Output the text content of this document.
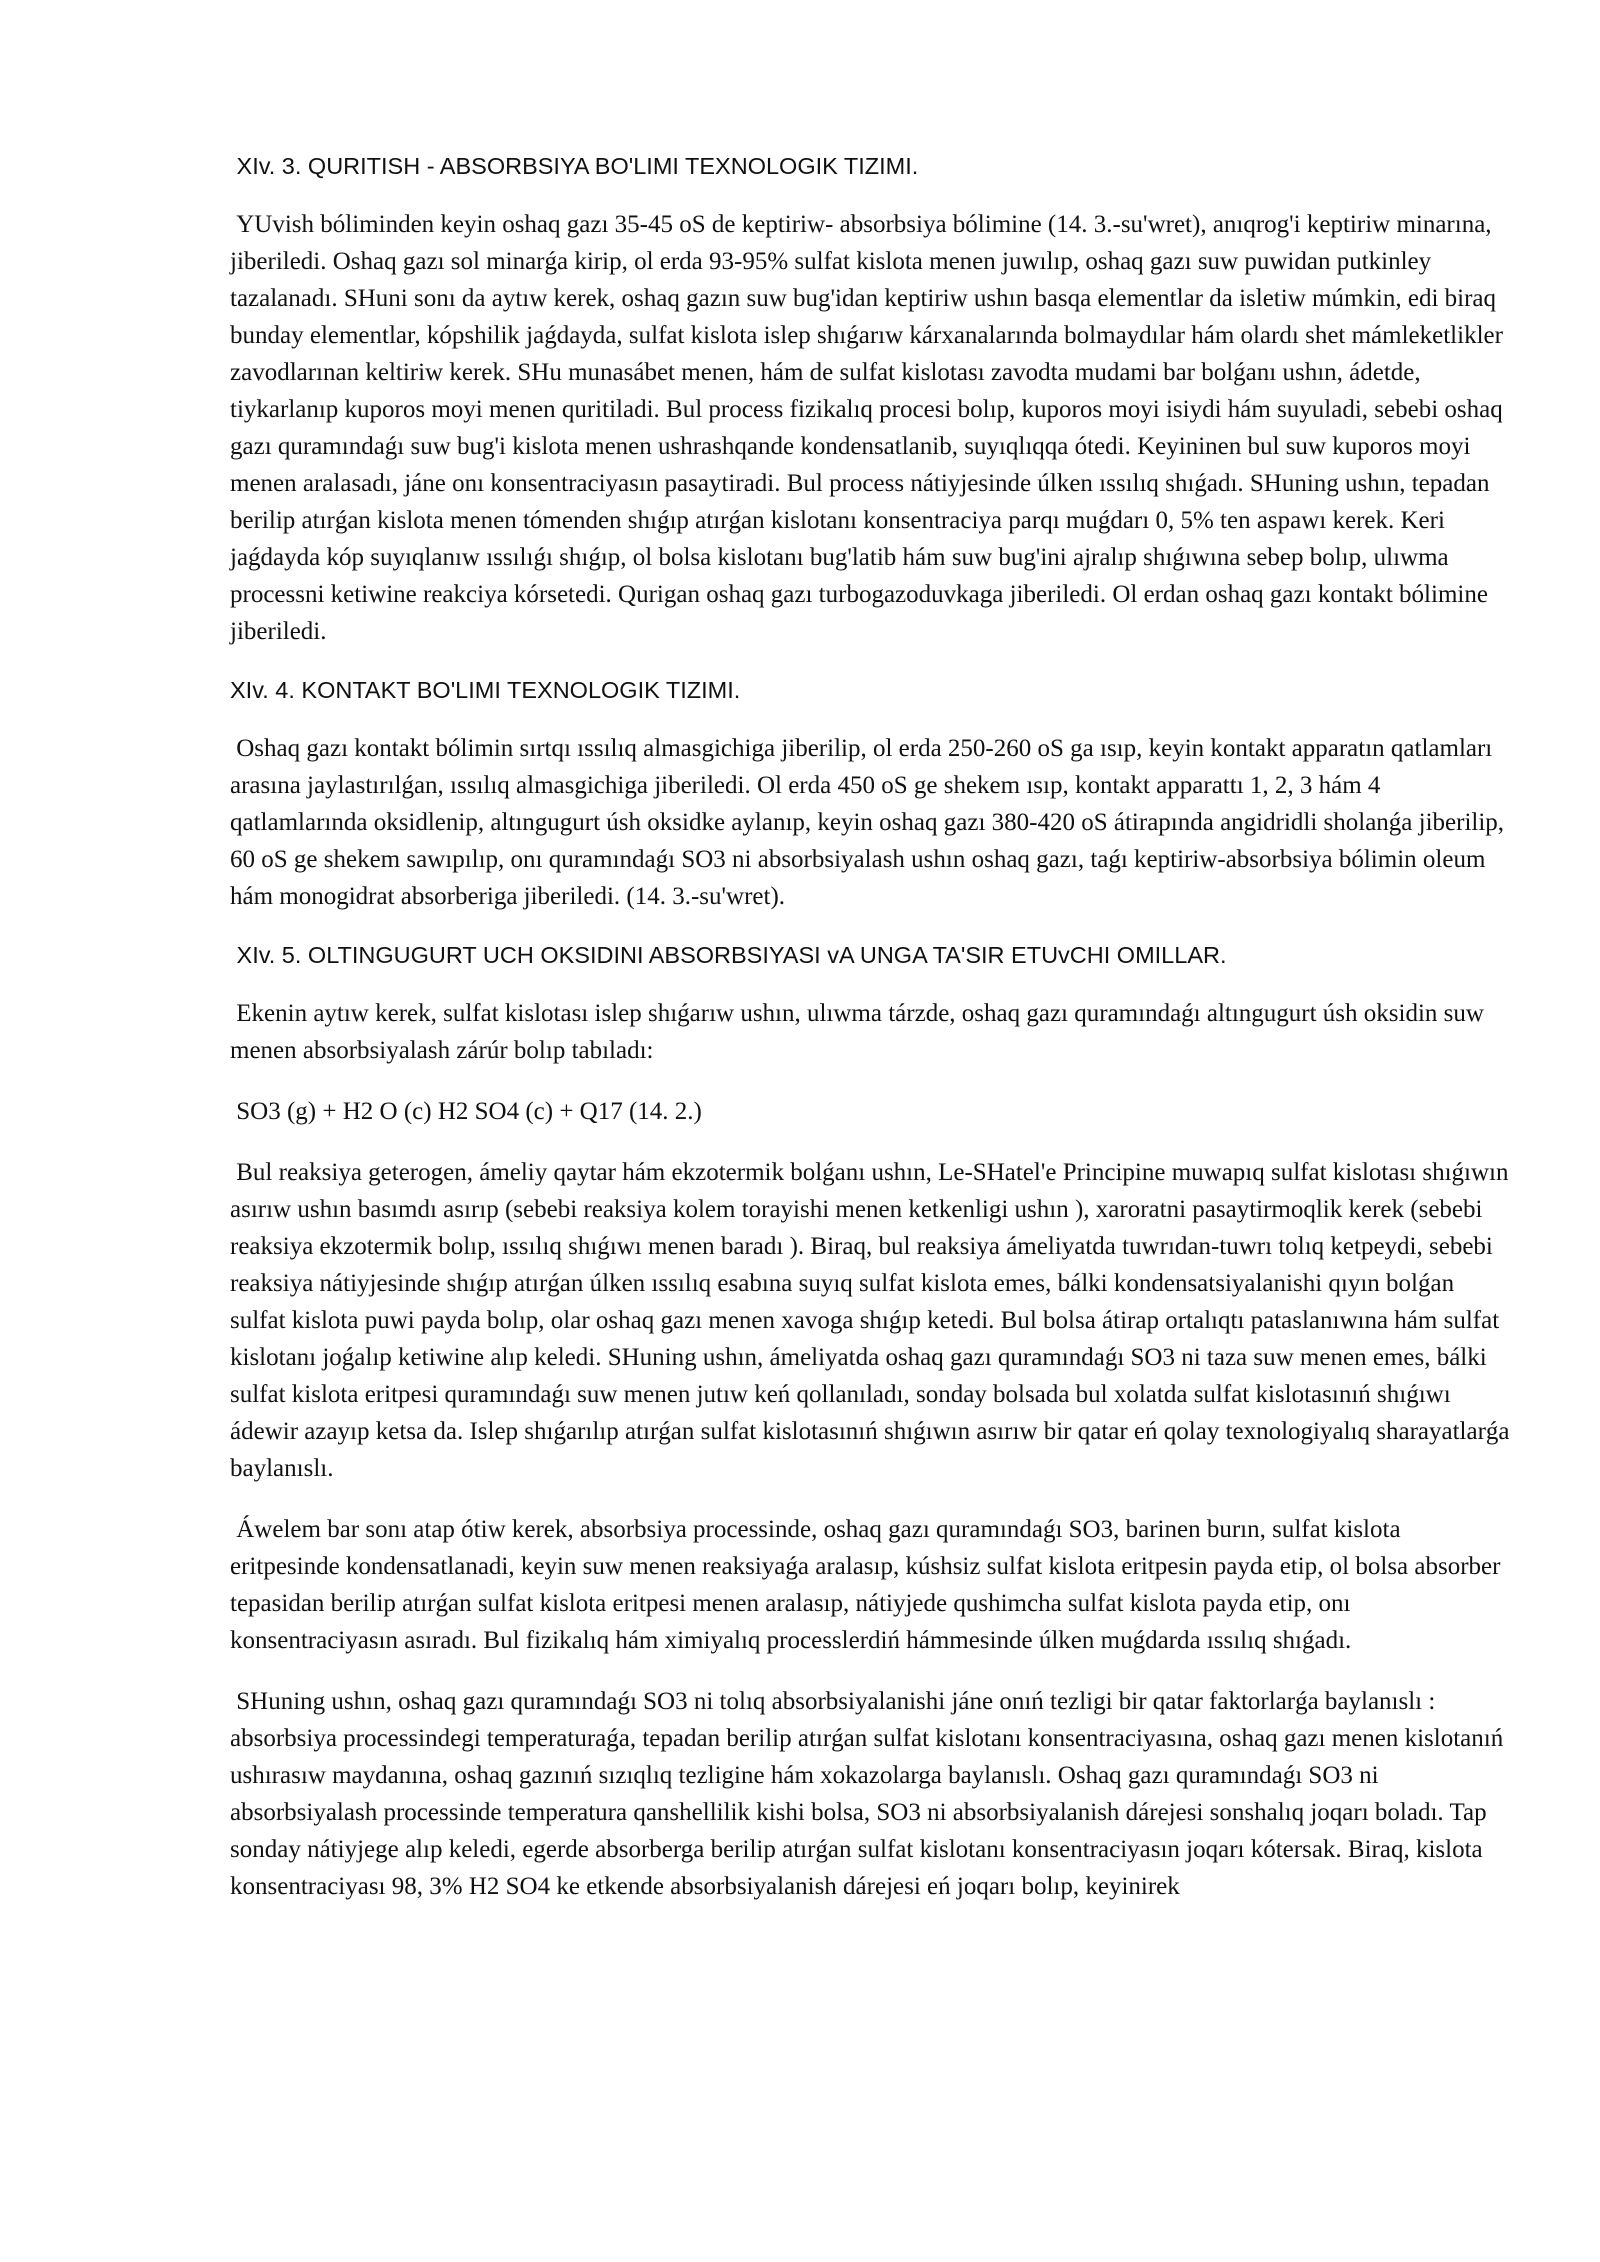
XIv. 3. QURITISH - ABSORBSIYA BO'LIMI TEXNOLOGIK TIZIMI.
YUvish bóliminden keyin oshaq gazı 35-45 oS de keptiriw- absorbsiya bólimine (14. 3.-su'wret), anıqrog'i keptiriw minarına, jiberiledi. Oshaq gazı sol minarǵa kirip, ol erda 93-95% sulfat kislota menen juwılıp, oshaq gazı suw puwidan putkinley tazalanadı. SHuni sonı da aytıw kerek, oshaq gazın suw bug'idan keptiriw ushın basqa elementlar da isletiw múmkin, edi biraq bunday elementlar, kópshilik jaǵdayda, sulfat kislota islep shıǵarıw kárxanalarında bolmaydılar hám olardı shet mámleketlikler zavodlarınan keltiriw kerek. SHu munasábet menen, hám de sulfat kislotası zavodta mudami bar bolǵanı ushın, ádetde, tiykarlanıp kuporos moyi menen quritiladi. Bul process fizikalıq procesi bolıp, kuporos moyi isiydi hám suyuladi, sebebi oshaq gazı quramındaǵı suw bug'i kislota menen ushrashqande kondensatlanib, suyıqlıqqa ótedi. Keyininen bul suw kuporos moyi menen aralasadı, jáne onı konsentraciyasın pasaytiradi. Bul process nátiyjesinde úlken ıssılıq shıǵadı. SHuning ushın, tepadan berilip atırǵan kislota menen tómenden shıǵıp atırǵan kislotanı konsentraciya parqı muǵdarı 0, 5% ten aspawı kerek. Keri jaǵdayda kóp suyıqlanıw ıssılıǵı shıǵıp, ol bolsa kislotanı bug'latib hám suw bug'ini ajralıp shıǵıwına sebep bolıp, ulıwma processni ketiwine reakciya kórsetedi. Qurigan oshaq gazı turbogazoduvkaga jiberiledi. Ol erdan oshaq gazı kontakt bólimine jiberiledi.
XIv. 4. KONTAKT BO'LIMI TEXNOLOGIK TIZIMI.
Oshaq gazı kontakt bólimin sırtqı ıssılıq almasgichiga jiberilip, ol erda 250-260 oS ga ısıp, keyin kontakt apparatın qatlamları arasına jaylastırılǵan, ıssılıq almasgichiga jiberiledi. Ol erda 450 oS ge shekem ısıp, kontakt apparattı 1, 2, 3 hám 4 qatlamlarında oksidlenip, altıngugurt úsh oksidke aylanıp, keyin oshaq gazı 380-420 oS átirapında angidridli sholanǵa jiberilip, 60 oS ge shekem sawıpılıp, onı quramındaǵı SO3 ni absorbsiyalash ushın oshaq gazı, taǵı keptiriw-absorbsiya bólimin oleum hám monogidrat absorberiga jiberiledi. (14. 3.-su'wret).
XIv. 5. OLTINGUGURT UCH OKSIDINI ABSORBSIYASI vA UNGA TA'SIR ETUvCHI OMILLAR.
Ekenin aytıw kerek, sulfat kislotası islep shıǵarıw ushın, ulıwma tárzde, oshaq gazı quramındaǵı altıngugurt úsh oksidin suw menen absorbsiyalash zárúr bolıp tabıladı:
SO3 (g) + H2 O (c) H2 SO4 (c) + Q17 (14. 2.)
Bul reaksiya geterogen, ámeliy qaytar hám ekzotermik bolǵanı ushın, Le-SHatel'e Principine muwapıq sulfat kislotası shıǵıwın asırıw ushın basımdı asırıp (sebebi reaksiya kolem torayishi menen ketkenligi ushın ), xaroratni pasaytirmoqlik kerek (sebebi reaksiya ekzotermik bolıp, ıssılıq shıǵıwı menen baradı ). Biraq, bul reaksiya ámeliyatda tuwrıdan-tuwrı tolıq ketpeydi, sebebi reaksiya nátiyjesinde shıǵıp atırǵan úlken ıssılıq esabına suyıq sulfat kislota emes, bálki kondensatsiyalanishi qıyın bolǵan sulfat kislota puwi payda bolıp, olar oshaq gazı menen xavoga shıǵıp ketedi. Bul bolsa átirap ortalıqtı pataslanıwına hám sulfat kislotanı joǵalıp ketiwine alıp keledi. SHuning ushın, ámeliyatda oshaq gazı quramındaǵı SO3 ni taza suw menen emes, bálki sulfat kislota eritpesi quramındaǵı suw menen jutıw keń qollanıladı, sonday bolsada bul xolatda sulfat kislotasınıń shıǵıwı ádewir azayıp ketsa da. Islep shıǵarılıp atırǵan sulfat kislotasınıń shıǵıwın asırıw bir qatar eń qolay texnologiyalıq sharayatlarǵa baylanıslı.
Áwelem bar sonı atap ótiw kerek, absorbsiya processinde, oshaq gazı quramındaǵı SO3, barinen burın, sulfat kislota eritpesinde kondensatlanadi, keyin suw menen reaksiyaǵa aralasıp, kúshsiz sulfat kislota eritpesin payda etip, ol bolsa absorber tepasidan berilip atırǵan sulfat kislota eritpesi menen aralasıp, nátiyjede qushimcha sulfat kislota payda etip, onı konsentraciyasın asıradı. Bul fizikalıq hám ximiyalıq processlerdiń hámmesinde úlken muǵdarda ıssılıq shıǵadı.
SHuning ushın, oshaq gazı quramındaǵı SO3 ni tolıq absorbsiyalanishi jáne onıń tezligi bir qatar faktorlarǵa baylanıslı : absorbsiya processindegi temperaturaǵa, tepadan berilip atırǵan sulfat kislotanı konsentraciyasına, oshaq gazı menen kislotanıń ushırasıw maydanına, oshaq gazınıń sızıqlıq tezligine hám xokazolarga baylanıslı. Oshaq gazı quramındaǵı SO3 ni absorbsiyalash processinde temperatura qanshellilik kishi bolsa, SO3 ni absorbsiyalanish dárejesi sonshalıq joqarı boladı. Tap sonday nátiyjege alıp keledi, egerde absorberga berilip atırǵan sulfat kislotanı konsentraciyasın joqarı kótersak. Biraq, kislota konsentraciyası 98, 3% H2 SO4 ke etkende absorbsiyalanish dárejesi eń joqarı bolıp, keyinirek
